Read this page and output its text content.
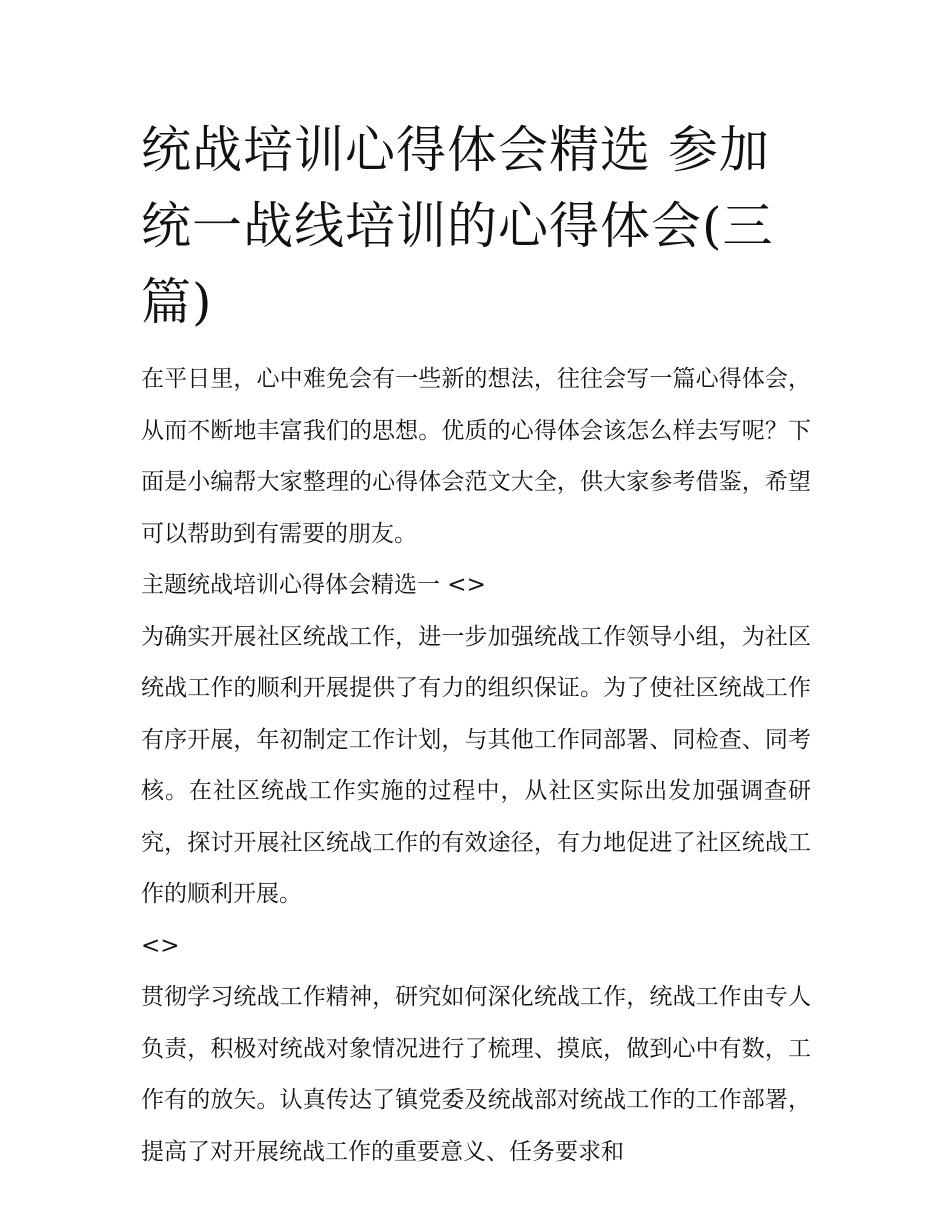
统战培训心得体会精选 参加统一战线培训的心得体会(三篇)

在平日里，心中难免会有一些新的想法，往往会写一篇心得体会，从而不断地丰富我们的思想。优质的心得体会该怎么样去写呢？下面是小编帮大家整理的心得体会范文大全，供大家参考借鉴，希望可以帮助到有需要的朋友。

主题统战培训心得体会精选一 <>

为确实开展社区统战工作，进一步加强统战工作领导小组，为社区统战工作的顺利开展提供了有力的组织保证。为了使社区统战工作有序开展，年初制定工作计划，与其他工作同部署、同检查、同考核。在社区统战工作实施的过程中，从社区实际出发加强调查研究，探讨开展社区统战工作的有效途径，有力地促进了社区统战工作的顺利开展。

<>

贯彻学习统战工作精神，研究如何深化统战工作，统战工作由专人负责，积极对统战对象情况进行了梳理、摸底，做到心中有数，工作有的放矢。认真传达了镇党委及统战部对统战工作的工作部署，提高了对开展统战工作的重要意义、任务要求和
